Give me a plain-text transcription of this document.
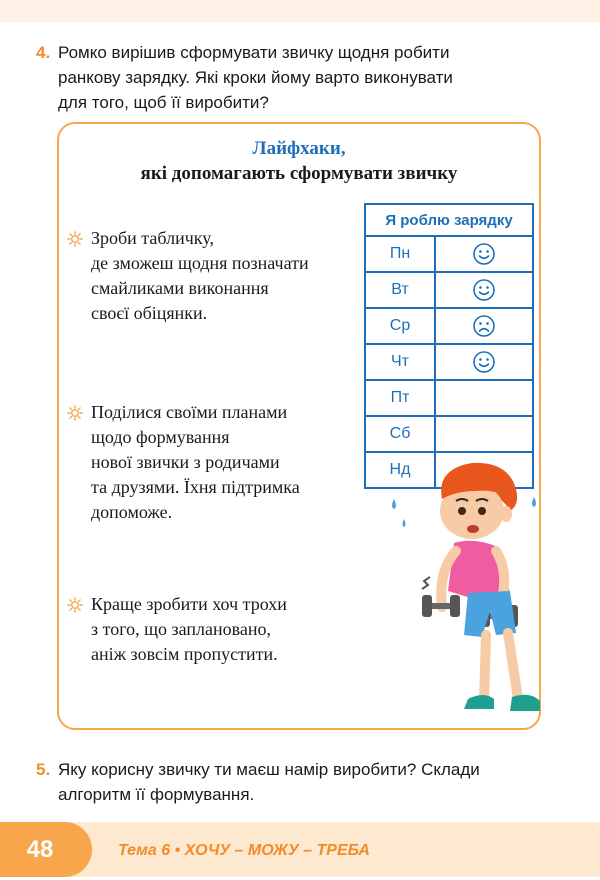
4. Ромко вирішив сформувати звичку щодня робити
ранкову зарядку. Які кроки йому варто виконувати
для того, щоб її виробити?
Лайфхаки,
які допомагають сформувати звичку
Зроби табличку,
де зможеш щодня позначати
смайликами виконання
своєї обіцянки.
Поділися своїми планами
щодо формування
нової звички з родичами
та друзями. Їхня підтримка
допоможе.
Краще зробити хоч трохи
з того, що заплановано,
аніж зовсім пропустити.
Я роблю зарядку	
Пн	
Вт	
Ср	
Чт	
Пт	
Сб	
Нд	
5. Яку корисну звичку ти маєш намір виробити? Склади
алгоритм її формування.
48	Тема 6 • ХОЧУ – МОЖУ – ТРЕБА
